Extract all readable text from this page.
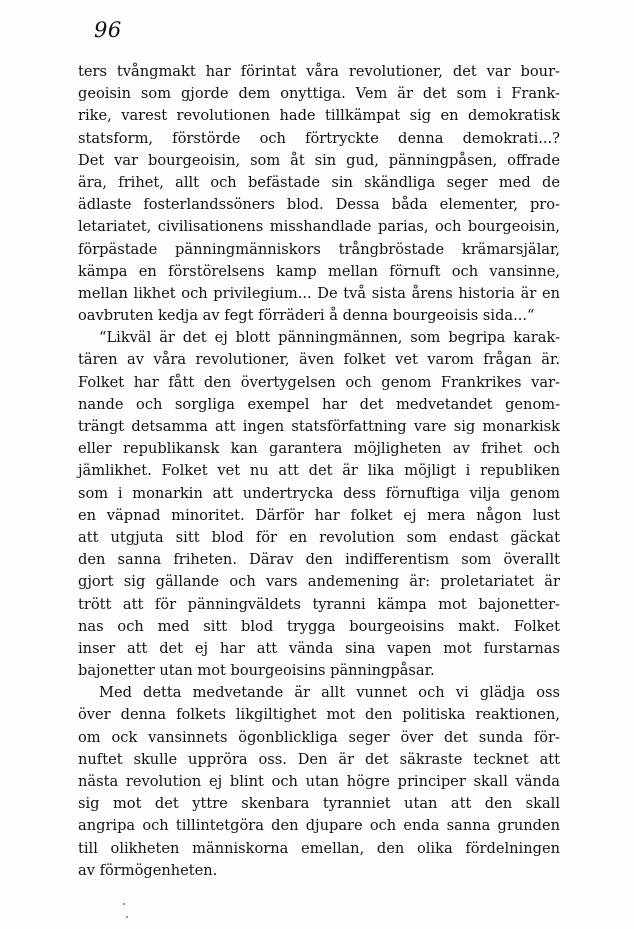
96
ters tvångmakt har förintat våra revolutioner, det var bour-
geoisin som gjorde dem onyttiga. Vem är det som i Frank-
rike, varest revolutionen hade tillkämpat sig en demokratisk
statsform, förstörde och förtryckte denna demokrati...?
Det var bourgeoisin, som åt sin gud, pänningpåsen, offrade
ära, frihet, allt och befästade sin skändliga seger med de
ädlaste fosterlandssöners blod. Dessa båda elementer, pro-
letariatet, civilisationens misshandlade parias, och bourgeoisin,
förpästade pänningmänniskors trångbröstade krämarsjälar,
kämpa en förstörelsens kamp mellan förnuft och vansinne,
mellan likhet och privilegium... De två sista årens historia är en
oavbruten kedja av fegt förräderi å denna bourgeoisis sida...“
“Likväl är det ej blott pänningmännen, som begripa karak-
tären av våra revolutioner, även folket vet varom frågan är.
Folket har fått den övertygelsen och genom Frankrikes var-
nande och sorgliga exempel har det medvetandet genom-
trängt detsamma att ingen statsförfattning vare sig monarkisk
eller republikansk kan garantera möjligheten av frihet och
jämlikhet. Folket vet nu att det är lika möjligt i republiken
som i monarkin att undertrycka dess förnuftiga vilja genom
en väpnad minoritet. Därför har folket ej mera någon lust
att utgjuta sitt blod för en revolution som endast gäckat
den sanna friheten. Därav den indifferentism som överallt
gjort sig gällande och vars andemening är: proletariatet är
trött att för pänningväldets tyranni kämpa mot bajonetter-
nas och med sitt blod trygga bourgeoisins makt. Folket
inser att det ej har att vända sina vapen mot furstarnas
bajonetter utan mot bourgeoisins pänningpåsar.
Med detta medvetande är allt vunnet och vi glädja oss
över denna folkets likgiltighet mot den politiska reaktionen,
om ock vansinnets ögonblickliga seger över det sunda för-
nuftet skulle uppröra oss. Den är det säkraste tecknet att
nästa revolution ej blint och utan högre principer skall vända
sig mot det yttre skenbara tyranniet utan att den skall
angripa och tillintetgöra den djupare och enda sanna grunden
till olikheten människorna emellan, den olika fördelningen
av förmögenheten.
